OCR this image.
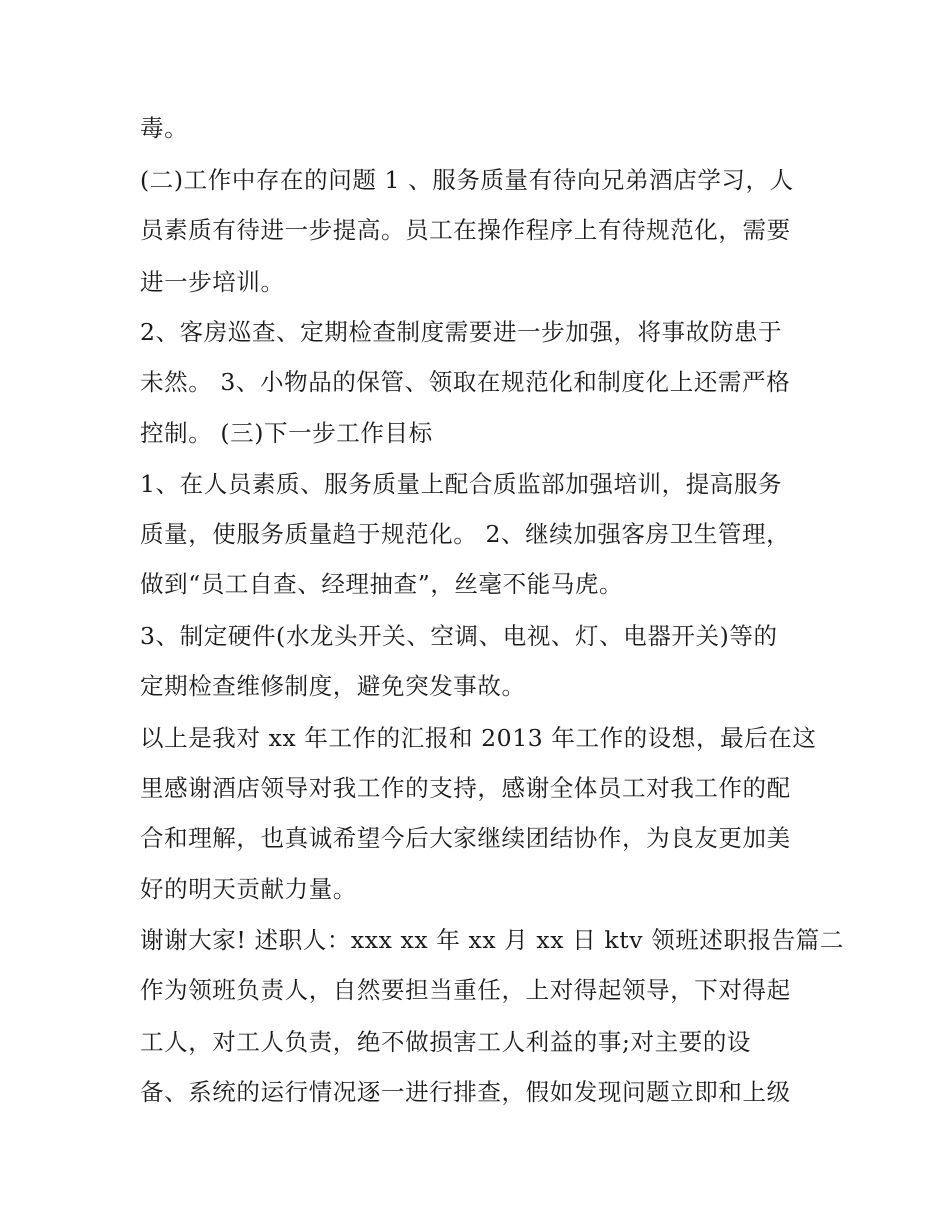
毒。
(二)工作中存在的问题 1 、服务质量有待向兄弟酒店学习，人
员素质有待进一步提高。员工在操作程序上有待规范化，需要
进一步培训。
2、客房巡查、定期检查制度需要进一步加强，将事故防患于
未然。 3、小物品的保管、领取在规范化和制度化上还需严格
控制。 (三)下一步工作目标
1、在人员素质、服务质量上配合质监部加强培训，提高服务
质量，使服务质量趋于规范化。 2、继续加强客房卫生管理，
做到“员工自查、经理抽查”，丝毫不能马虎。
3、制定硬件(水龙头开关、空调、电视、灯、电器开关)等的
定期检查维修制度，避免突发事故。
以上是我对 xx 年工作的汇报和 2013 年工作的设想，最后在这
里感谢酒店领导对我工作的支持，感谢全体员工对我工作的配
合和理解，也真诚希望今后大家继续团结协作，为良友更加美
好的明天贡献力量。
谢谢大家! 述职人：xxx xx 年 xx 月 xx 日 ktv 领班述职报告篇二
作为领班负责人，自然要担当重任，上对得起领导，下对得起
工人，对工人负责，绝不做损害工人利益的事;对主要的设
备、系统的运行情况逐一进行排查，假如发现问题立即和上级
